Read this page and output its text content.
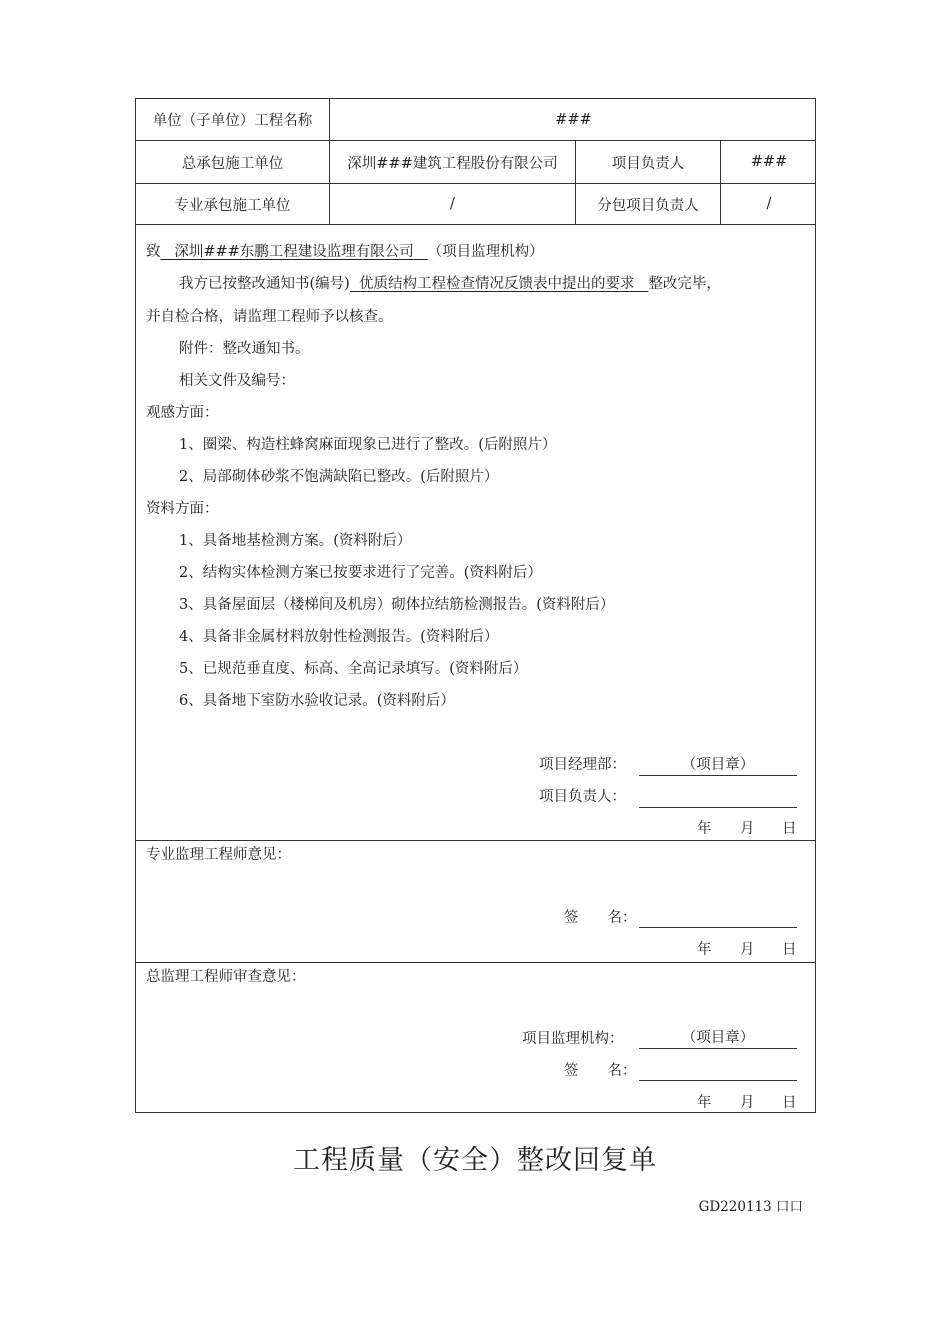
单位（子单位）工程名称	###
总承包施工单位	深圳###建筑工程股份有限公司	项目负责人	###
专业承包施工单位	/	分包项目负责人	/
致 深圳###东鹏工程建设监理有限公司 （项目监理机构）
我方已按整改通知书(编号) 优质结构工程检查情况反馈表中提出的要求 整改完毕，
并自检合格，请监理工程师予以核查。
附件：整改通知书。
相关文件及编号：
观感方面：
1、圈梁、构造柱蜂窝麻面现象已进行了整改。(后附照片）
2、局部砌体砂浆不饱满缺陷已整改。(后附照片）
资料方面：
1、具备地基检测方案。(资料附后）
2、结构实体检测方案已按要求进行了完善。(资料附后）
3、具备屋面层（楼梯间及机房）砌体拉结筋检测报告。(资料附后）
4、具备非金属材料放射性检测报告。(资料附后）
5、已规范垂直度、标高、全高记录填写。(资料附后）
6、具备地下室防水验收记录。(资料附后）
项目经理部：	（项目章）
项目负责人：
年 月 日
专业监理工程师意见：
签　　名：
年 月 日
总监理工程师审查意见：
项目监理机构：	（项目章）
签　　名：
年 月 日
工程质量（安全）整改回复单
GD220113 口口
